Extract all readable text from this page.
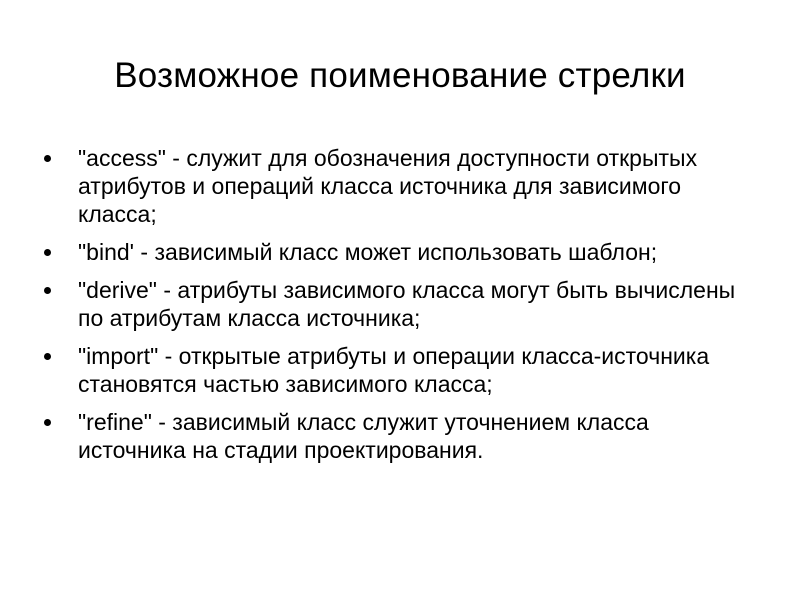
Возможное поименование стрелки
"access" - служит для обозначения доступности открытых атрибутов и операций класса источника для зависимого класса;
"bind' - зависимый класс может использовать шаблон;
"derive" - атрибуты зависимого класса могут быть вычислены по атрибутам класса источника;
"import" - открытые атрибуты и операции класса-источника становятся частью зависимого класса;
"refine" - зависимый класс служит уточнением класса источника на стадии проектирования.
